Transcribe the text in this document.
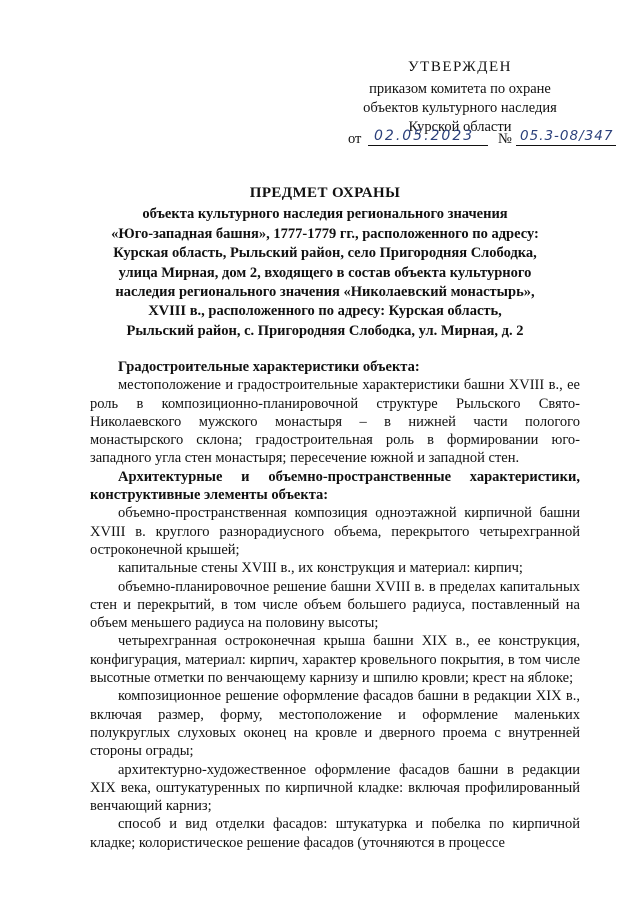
УТВЕРЖДЕН
приказом комитета по охране
объектов культурного наследия
Курской области
от 02.05.2023 № 05.3-08/347
ПРЕДМЕТ ОХРАНЫ
объекта культурного наследия регионального значения
«Юго-западная башня», 1777-1779 гг., расположенного по адресу:
Курская область, Рыльский район, село Пригородняя Слободка,
улица Мирная, дом 2, входящего в состав объекта культурного
наследия регионального значения «Николаевский монастырь»,
XVIII в., расположенного по адресу: Курская область,
Рыльский район, с. Пригородняя Слободка, ул. Мирная, д. 2

Градостроительные характеристики объекта:

местоположение и градостроительные характеристики башни XVIII в., ее роль в композиционно-планировочной структуре Рыльского Свято-Николаевского мужского монастыря – в нижней части пологого монастырского склона; градостроительная роль в формировании юго-западного угла стен монастыря; пересечение южной и западной стен.

Архитектурные и объемно-пространственные характеристики, конструктивные элементы объекта:

объемно-пространственная композиция одноэтажной кирпичной башни XVIII в. круглого разнорадиусного объема, перекрытого четырехгранной остроконечной крышей;

капитальные стены XVIII в., их конструкция и материал: кирпич;

объемно-планировочное решение башни XVIII в. в пределах капитальных стен и перекрытий, в том числе объем большего радиуса, поставленный на объем меньшего радиуса на половину высоты;

четырехгранная остроконечная крыша башни XIX в., ее конструкция, конфигурация, материал: кирпич, характер кровельного покрытия, в том числе высотные отметки по венчающему карнизу и шпилю кровли; крест на яблоке;

композиционное решение оформление фасадов башни в редакции XIX в., включая размер, форму, местоположение и оформление маленьких полукруглых слуховых оконец на кровле и дверного проема с внутренней стороны ограды;

архитектурно-художественное оформление фасадов башни в редакции XIX века, оштукатуренных по кирпичной кладке: включая профилированный венчающий карниз;

способ и вид отделки фасадов: штукатурка и побелка по кирпичной кладке; колористическое решение фасадов (уточняются в процессе
